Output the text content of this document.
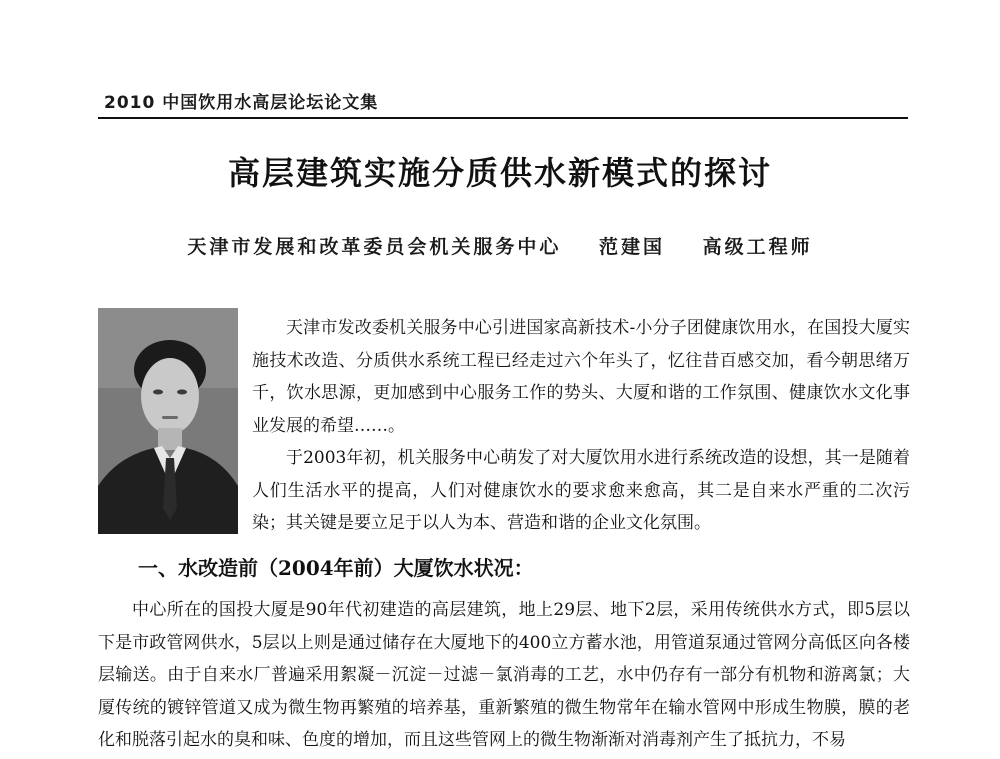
2010 中国饮用水高层论坛论文集
高层建筑实施分质供水新模式的探讨
天津市发展和改革委员会机关服务中心 范建国 高级工程师

天津市发改委机关服务中心引进国家高新技术-小分子团健康饮用水，在国投大厦实施技术改造、分质供水系统工程已经走过六个年头了，忆往昔百感交加，看今朝思绪万千，饮水思源，更加感到中心服务工作的势头、大厦和谐的工作氛围、健康饮水文化事业发展的希望……。

于2003年初，机关服务中心萌发了对大厦饮用水进行系统改造的设想，其一是随着人们生活水平的提高，人们对健康饮水的要求愈来愈高，其二是自来水严重的二次污染；其关键是要立足于以人为本、营造和谐的企业文化氛围。

一、水改造前（2004年前）大厦饮水状况：

中心所在的国投大厦是90年代初建造的高层建筑，地上29层、地下2层，采用传统供水方式，即5层以下是市政管网供水，5层以上则是通过储存在大厦地下的400立方蓄水池，用管道泵通过管网分高低区向各楼层输送。由于自来水厂普遍采用絮凝－沉淀－过滤－氯消毒的工艺，水中仍存有一部分有机物和游离氯；大厦传统的镀锌管道又成为微生物再繁殖的培养基，重新繁殖的微生物常年在输水管网中形成生物膜，膜的老化和脱落引起水的臭和味、色度的增加，而且这些管网上的微生物渐渐对消毒剂产生了抵抗力，不易
